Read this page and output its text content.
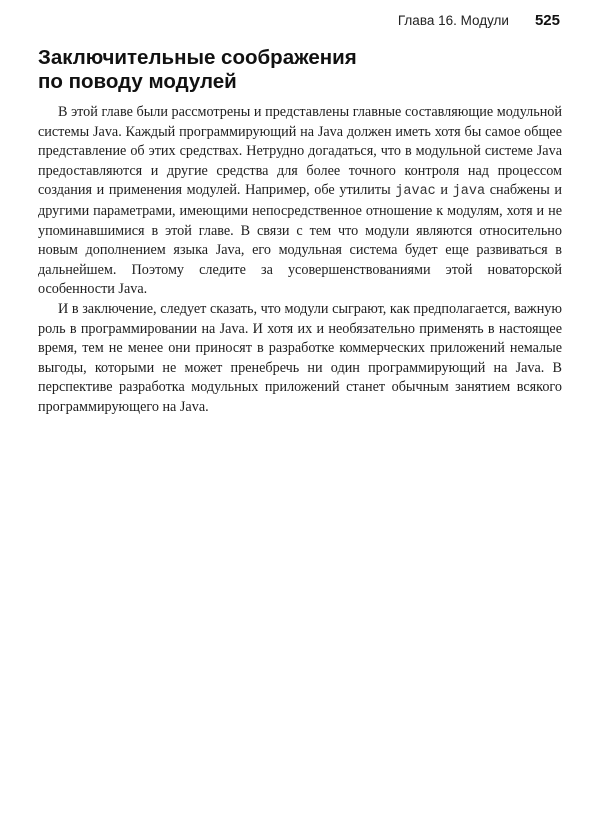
Глава 16. Модули 525
Заключительные соображения
по поводу модулей

В этой главе были рассмотрены и представлены главные составляющие модульной системы Java. Каждый программирующий на Java должен иметь хотя бы самое общее представление об этих средствах. Нетрудно догадаться, что в модульной системе Java предоставляются и другие средства для более точного контроля над процессом создания и применения модулей. Например, обе утилиты javac и java снабжены и другими параметрами, имеющими непосредственное отношение к модулям, хотя и не упоминавшимися в этой главе. В связи с тем что модули являются относительно новым дополнением языка Java, его модульная система будет еще развиваться в дальнейшем. Поэтому следите за усовершенствованиями этой новаторской особенности Java.

И в заключение, следует сказать, что модули сыграют, как предполагается, важную роль в программировании на Java. И хотя их и необязательно применять в настоящее время, тем не менее они приносят в разработке коммерческих приложений немалые выгоды, которыми не может пренебречь ни один программирующий на Java. В перспективе разработка модульных приложений станет обычным занятием всякого программирующего на Java.
